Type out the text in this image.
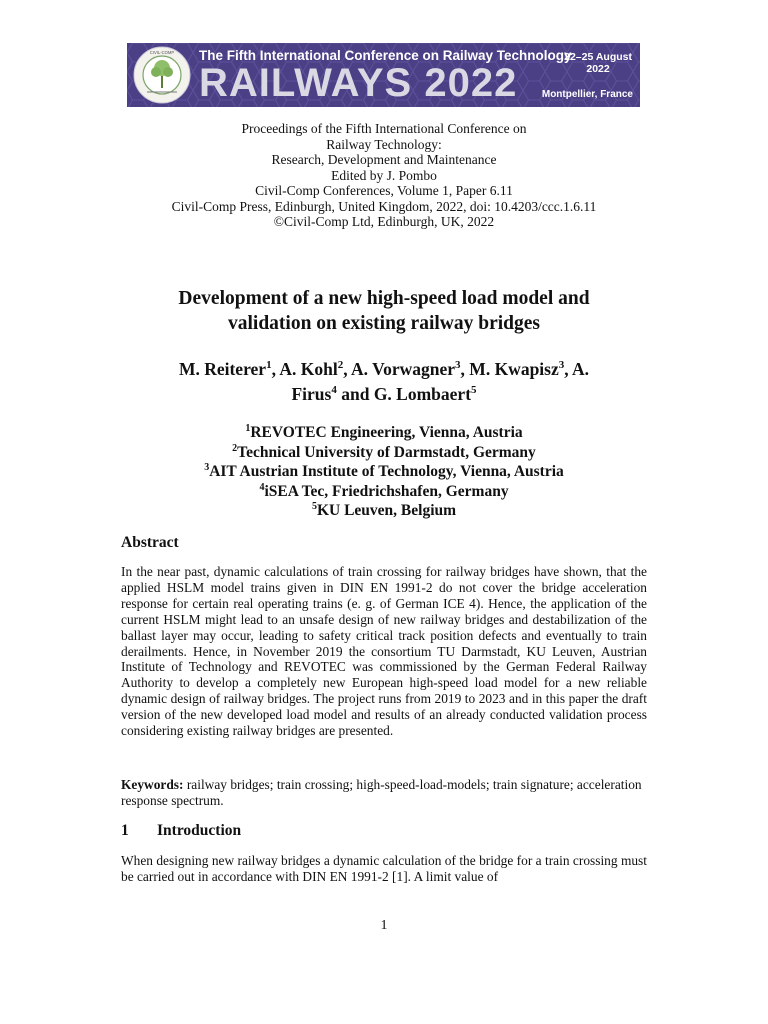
CIVIL-COMP The Fifth International Conference on Railway Technology
RAILWAYS 2022
22–25 August
2022
Montpellier, France
Proceedings of the Fifth International Conference on
Railway Technology:
Research, Development and Maintenance
Edited by J. Pombo
Civil-Comp Conferences, Volume 1, Paper 6.11
Civil-Comp Press, Edinburgh, United Kingdom, 2022, doi: 10.4203/ccc.1.6.11
©Civil-Comp Ltd, Edinburgh, UK, 2022
Development of a new high-speed load model and
validation on existing railway bridges
M. Reiterer$^1$, A. Kohl$^2$, A. Vorwagner$^3$, M. Kwapisz$^3$, A.
Firus$^4$ and G. Lombaert$^5$
$^1$REVOTEC Engineering, Vienna, Austria
$^2$Technical University of Darmstadt, Germany
$^3$AIT Austrian Institute of Technology, Vienna, Austria
$^4$iSEA Tec, Friedrichshafen, Germany
$^5$KU Leuven, Belgium
Abstract
In the near past, dynamic calculations of train crossing for railway bridges have shown, that the applied HSLM model trains given in DIN EN 1991-2 do not cover the bridge acceleration response for certain real operating trains (e. g. of German ICE 4). Hence, the application of the current HSLM might lead to an unsafe design of new railway bridges and destabilization of the ballast layer may occur, leading to safety critical track position defects and eventually to train derailments. Hence, in November 2019 the consortium TU Darmstadt, KU Leuven, Austrian Institute of Technology and REVOTEC was commissioned by the German Federal Railway Authority to develop a completely new European high-speed load model for a new reliable dynamic design of railway bridges. The project runs from 2019 to 2023 and in this paper the draft version of the new developed load model and results of an already conducted validation process considering existing railway bridges are presented.
Keywords: railway bridges; train crossing; high-speed-load-models; train signature; acceleration response spectrum.
1 Introduction
When designing new railway bridges a dynamic calculation of the bridge for a train crossing must be carried out in accordance with DIN EN 1991-2 [1]. A limit value of
1
